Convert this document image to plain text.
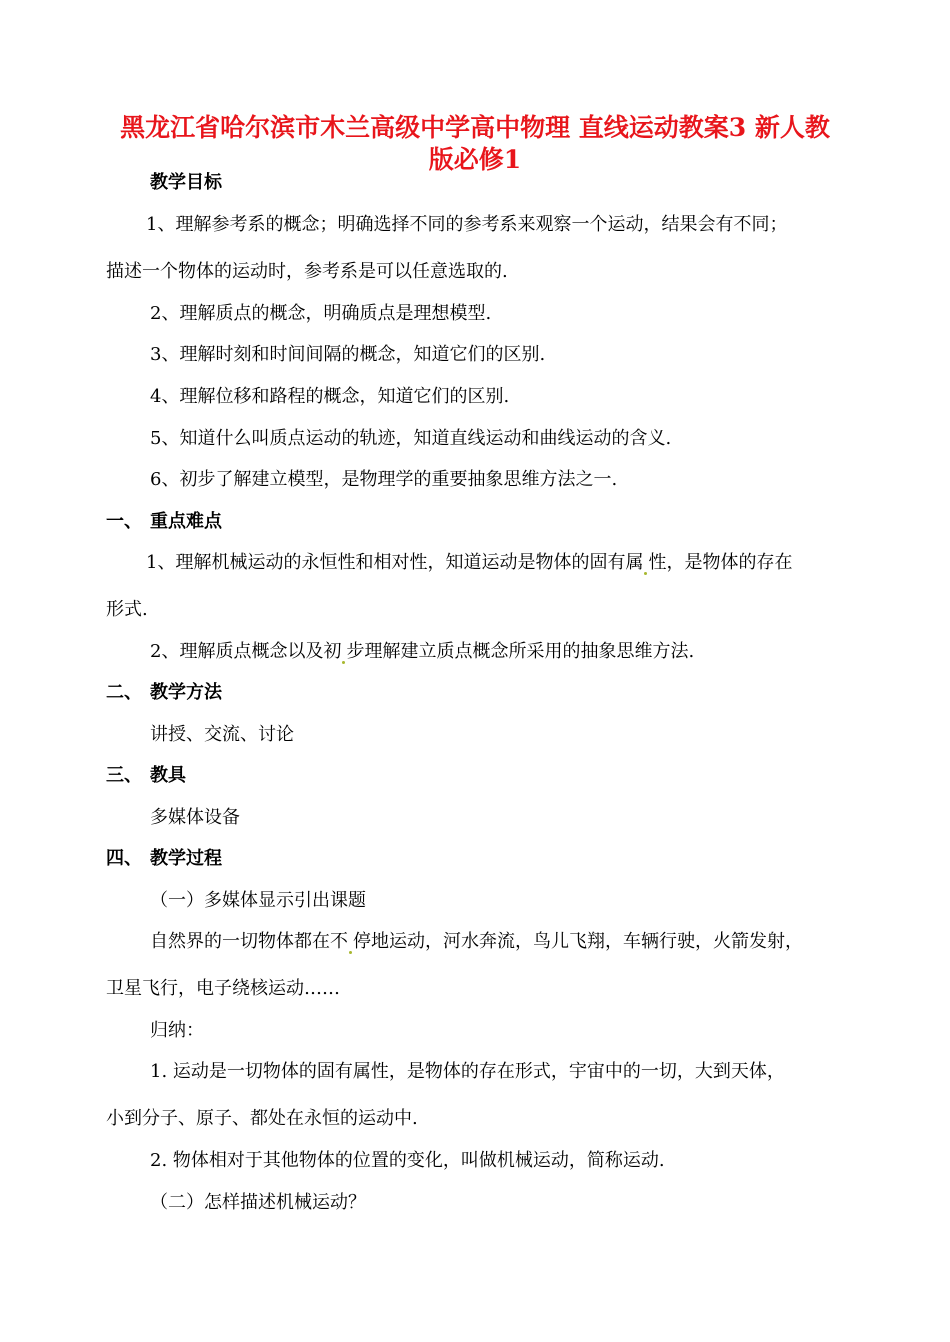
黑龙江省哈尔滨市木兰高级中学高中物理 直线运动教案3 新人教
版必修1
教学目标
1、理解参考系的概念；明确选择不同的参考系来观察一个运动，结果会有不同；
描述一个物体的运动时，参考系是可以任意选取的.
2、理解质点的概念，明确质点是理想模型.
3、理解时刻和时间间隔的概念，知道它们的区别.
4、理解位移和路程的概念，知道它们的区别.
5、知道什么叫质点运动的轨迹，知道直线运动和曲线运动的含义.
6、初步了解建立模型，是物理学的重要抽象思维方法之一.
一、 重点难点
1、理解机械运动的永恒性和相对性，知道运动是物体的固有属 性，是物体的存在
形式.
2、理解质点概念以及初 步理解建立质点概念所采用的抽象思维方法.
二、 教学方法
讲授、交流、讨论
三、 教具
多媒体设备
四、 教学过程
（一）多媒体显示引出课题
自然界的一切物体都在不 停地运动，河水奔流，鸟儿飞翔，车辆行驶，火箭发射，
卫星飞行，电子绕核运动……
归纳：
1. 运动是一切物体的固有属性，是物体的存在形式，宇宙中的一切，大到天体，
小到分子、原子、都处在永恒的运动中.
2. 物体相对于其他物体的位置的变化，叫做机械运动，简称运动.
（二）怎样描述机械运动？
